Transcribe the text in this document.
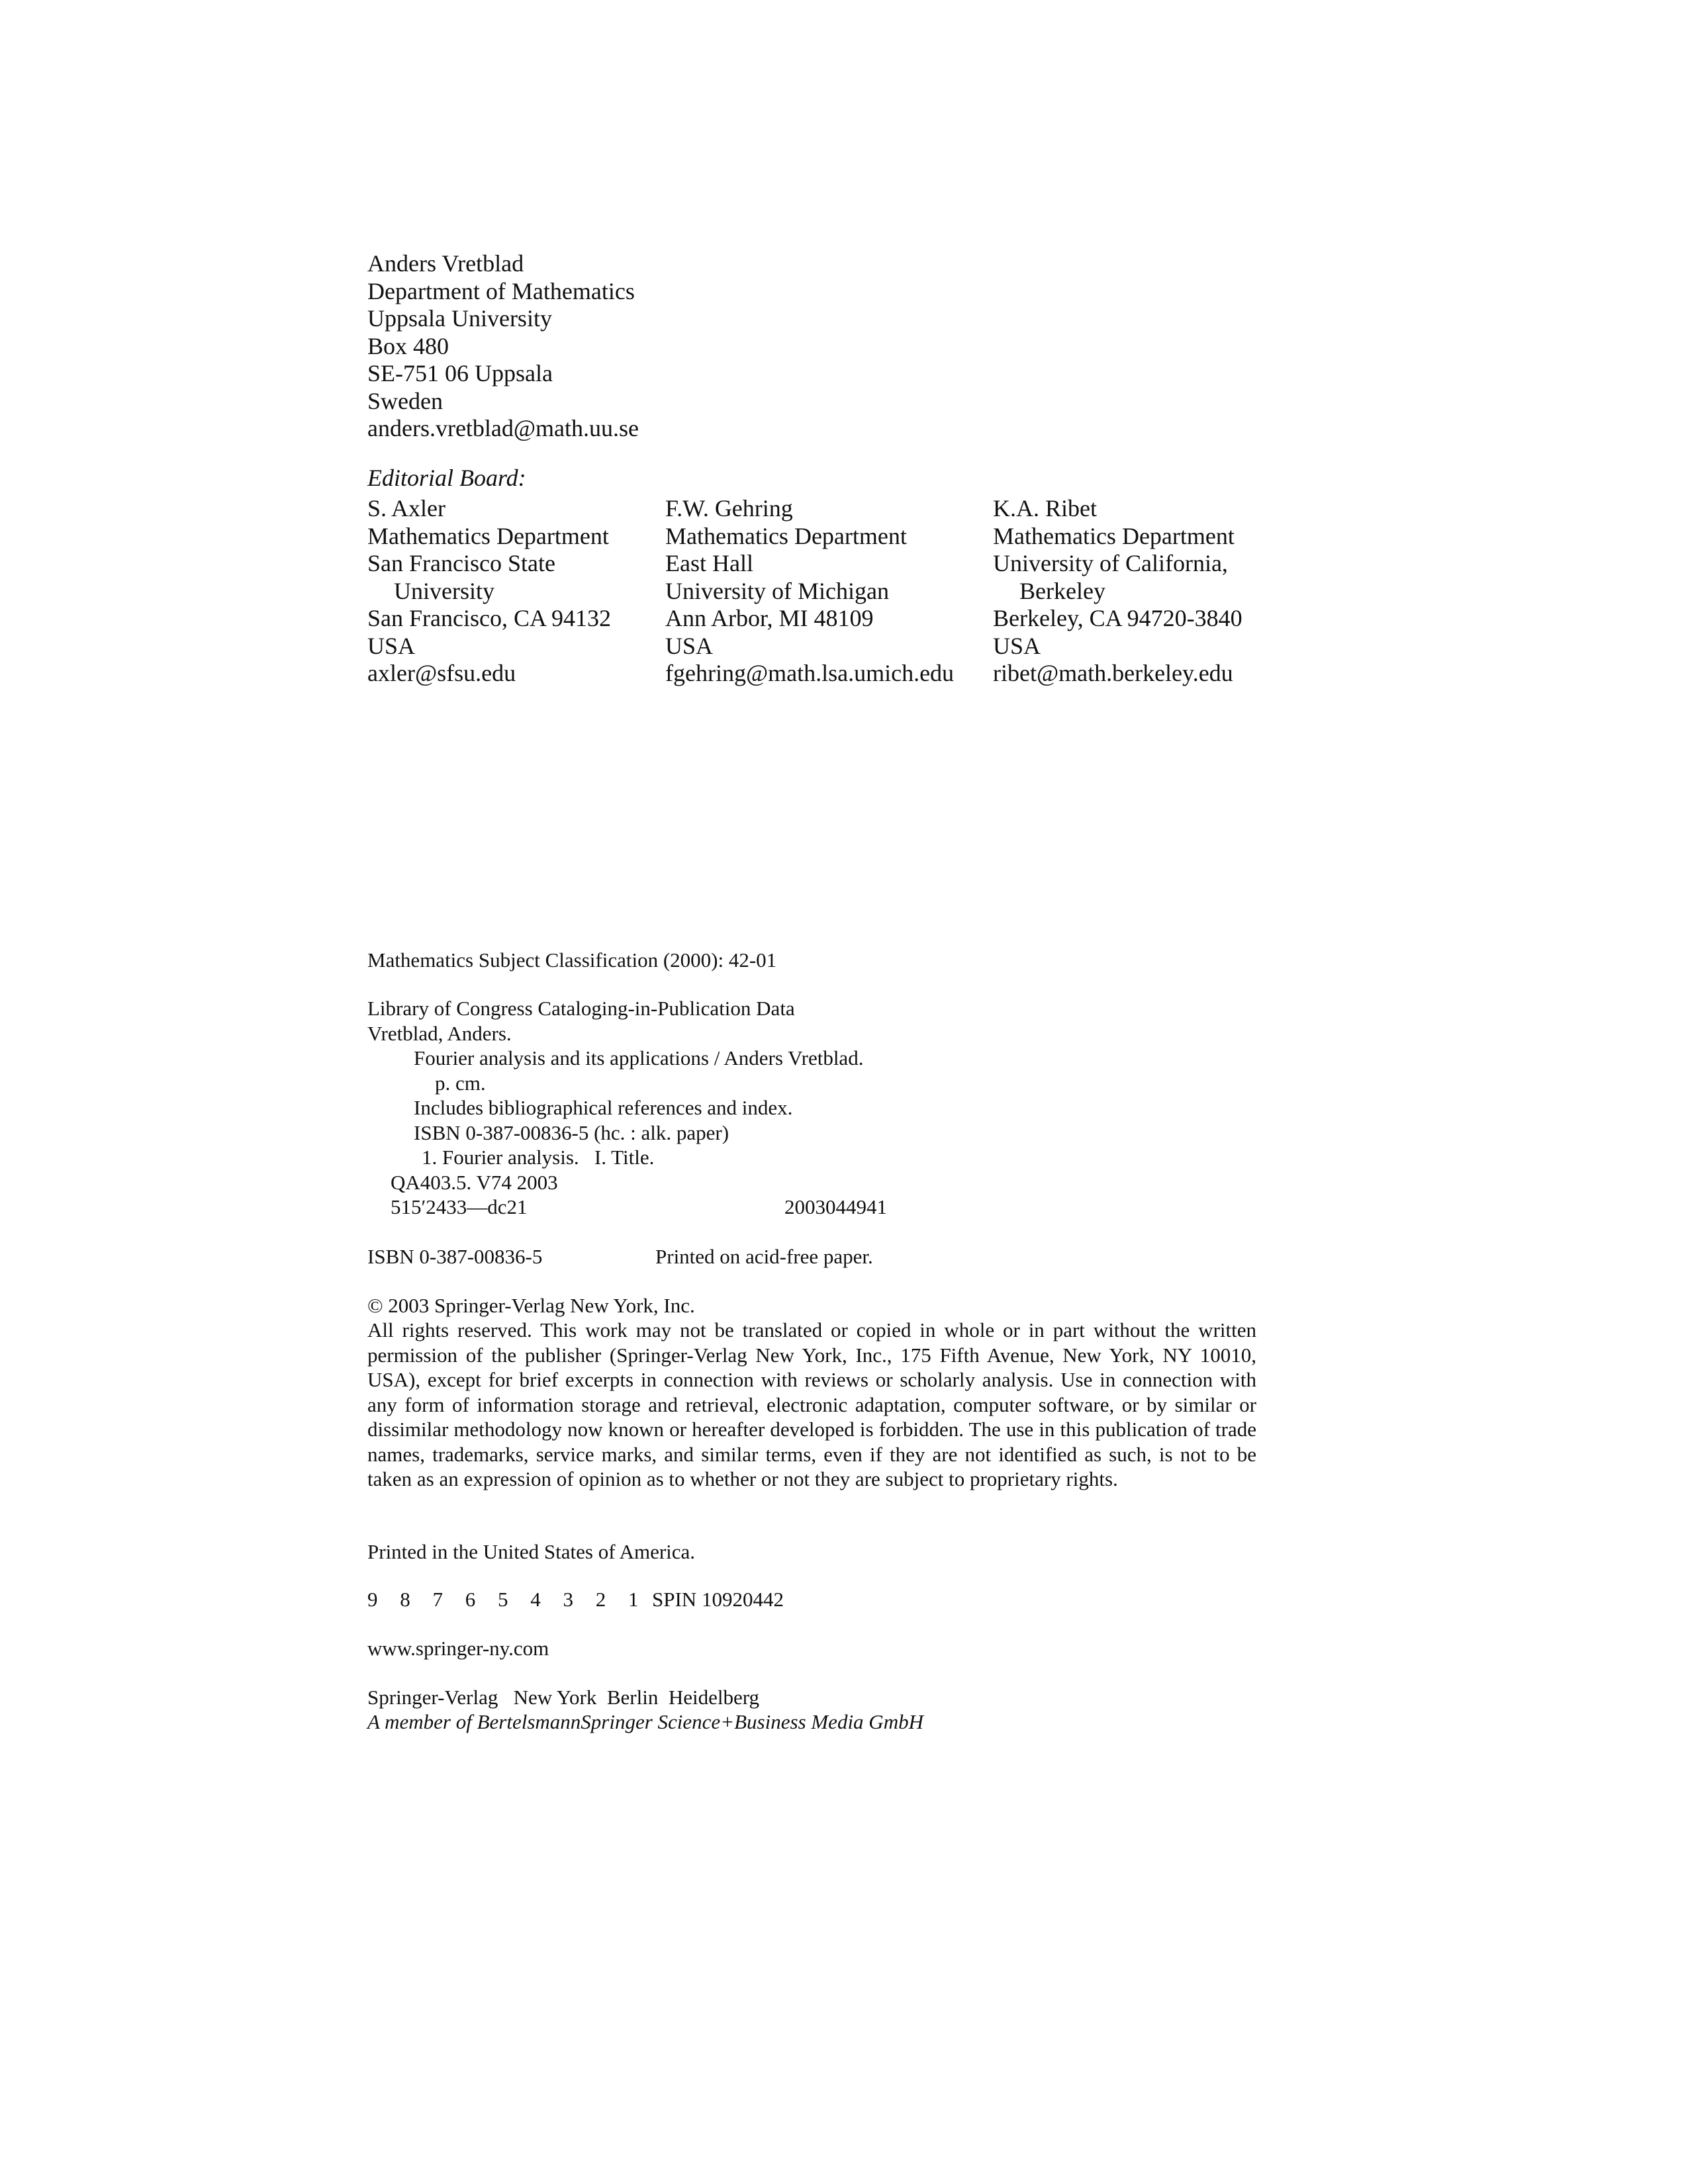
Anders Vretblad
Department of Mathematics
Uppsala University
Box 480
SE-751 06 Uppsala
Sweden
anders.vretblad@math.uu.se
Editorial Board:
S. Axler
Mathematics Department
San Francisco State
University
San Francisco, CA 94132
USA
axler@sfsu.edu
F.W. Gehring
Mathematics Department
East Hall
University of Michigan
Ann Arbor, MI 48109
USA
fgehring@math.lsa.umich.edu
K.A. Ribet
Mathematics Department
University of California,
Berkeley
Berkeley, CA 94720-3840
USA
ribet@math.berkeley.edu
Mathematics Subject Classification (2000): 42-01
Library of Congress Cataloging-in-Publication Data
Vretblad, Anders.
Fourier analysis and its applications / Anders Vretblad.
p. cm.
Includes bibliographical references and index.
ISBN 0-387-00836-5 (hc. : alk. paper)
1. Fourier analysis.   I. Title.
QA403.5. V74 2003
515′2433—dc21	2003044941
ISBN 0-387-00836-5	Printed on acid-free paper.
© 2003 Springer-Verlag New York, Inc.
All rights reserved. This work may not be translated or copied in whole or in part without the written permission of the publisher (Springer-Verlag New York, Inc., 175 Fifth Avenue, New York, NY 10010, USA), except for brief excerpts in connection with reviews or scholarly analysis. Use in connection with any form of information storage and retrieval, electronic adaptation, computer software, or by similar or dissimilar methodology now known or hereafter developed is forbidden. The use in this publication of trade names, trademarks, service marks, and similar terms, even if they are not identified as such, is not to be taken as an expression of opinion as to whether or not they are subject to proprietary rights.
Printed in the United States of America.
9 8 7 6 5 4 3 2 1 SPIN 10920442
www.springer-ny.com
Springer-Verlag   New York  Berlin  Heidelberg
A member of BertelsmannSpringer Science+Business Media GmbH
